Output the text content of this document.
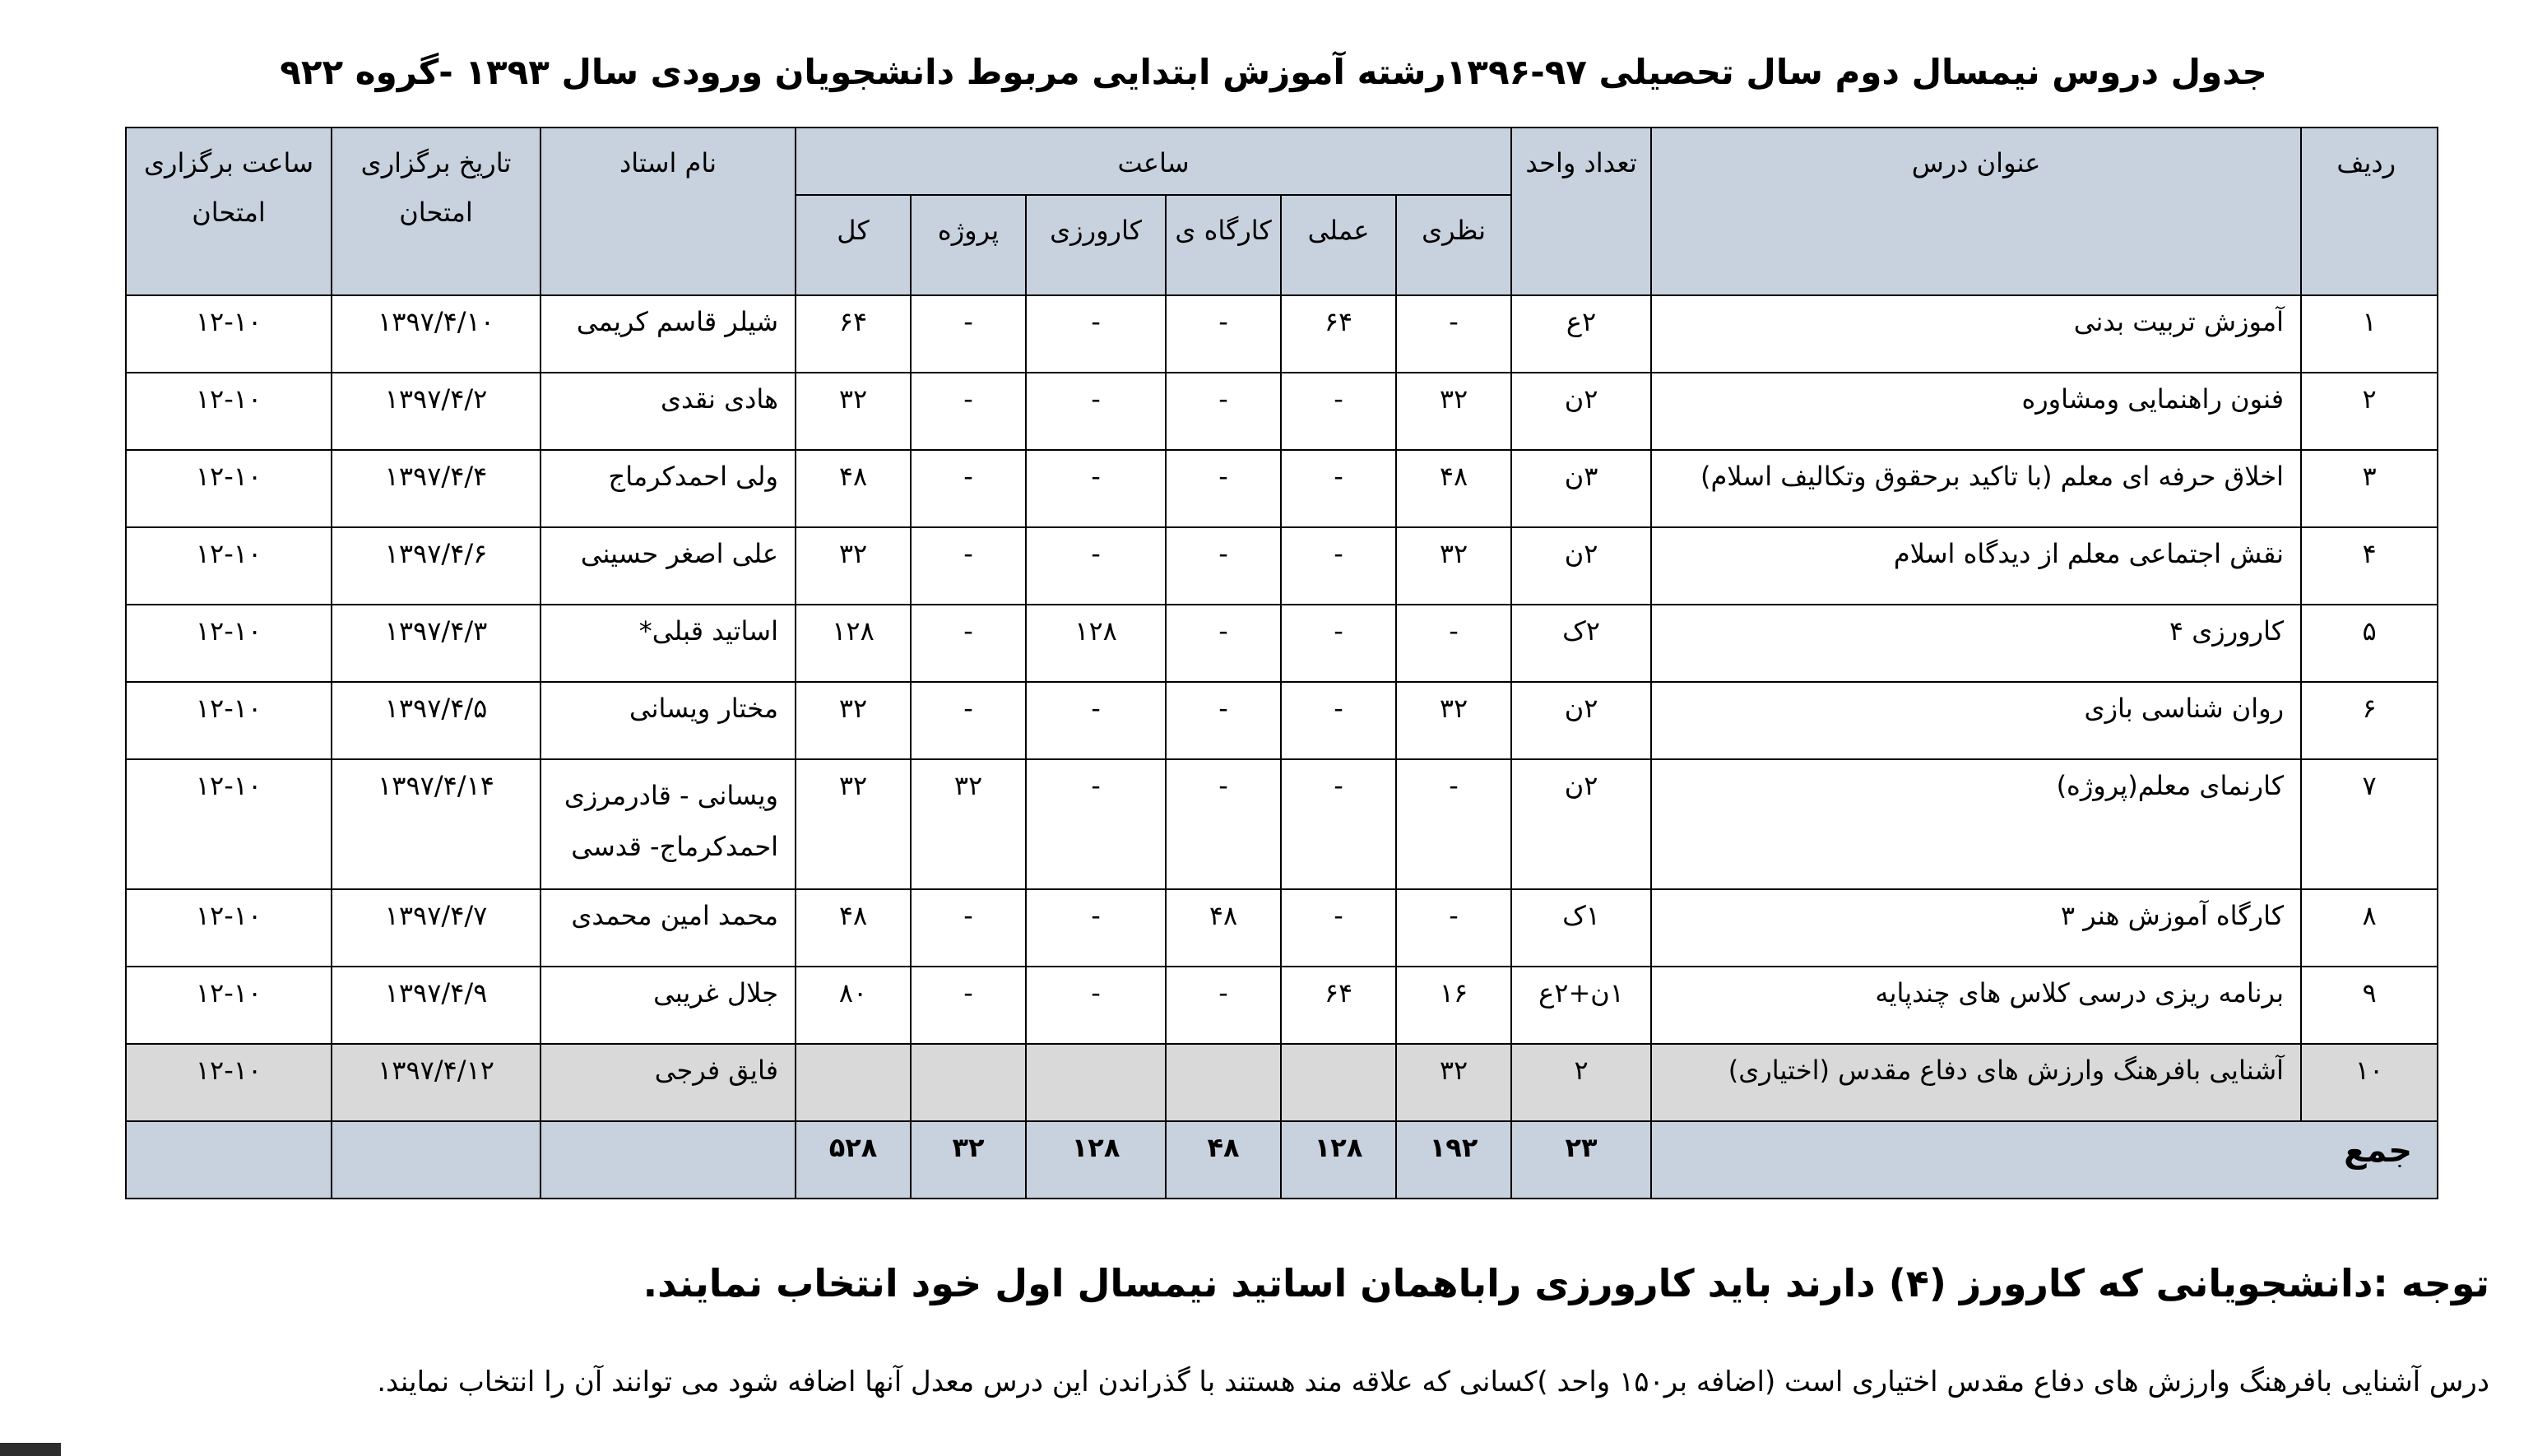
جدول دروس نیمسال دوم سال تحصیلی ۹۷-۱۳۹۶رشته آموزش ابتدایی مربوط دانشجویان ورودی سال ۱۳۹۳ -گروه ۹۲۲
ردیف	عنوان درس	تعداد واحد	ساعت						نام استاد	تاریخ برگزاری امتحان	ساعت برگزاری امتحان
			نظری	عملی	کارگاه ی	کارورزی	پروژه	کل			
۱	آموزش تربیت بدنی	۲ع	-	۶۴	-	-	-	۶۴	شیلر قاسم کریمی	۱۳۹۷/۴/۱۰	۱۲-۱۰
۲	فنون راهنمایی ومشاوره	۲ن	۳۲	-	-	-	-	۳۲	هادی نقدی	۱۳۹۷/۴/۲	۱۲-۱۰
۳	اخلاق حرفه ای معلم (با تاکید برحقوق وتکالیف اسلام)	۳ن	۴۸	-	-	-	-	۴۸	ولی احمدکرماج	۱۳۹۷/۴/۴	۱۲-۱۰
۴	نقش اجتماعی معلم از دیدگاه اسلام	۲ن	۳۲	-	-	-	-	۳۲	علی اصغر حسینی	۱۳۹۷/۴/۶	۱۲-۱۰
۵	کارورزی ۴	۲ک	-	-	-	۱۲۸	-	۱۲۸	اساتید قبلی*	۱۳۹۷/۴/۳	۱۲-۱۰
۶	روان شناسی بازی	۲ن	۳۲	-	-	-	-	۳۲	مختار ویسانی	۱۳۹۷/۴/۵	۱۲-۱۰
۷	کارنمای معلم(پروژه)	۲ن	-	-	-	-	۳۲	۳۲	ویسانی - قادرمرزی
احمدکرماج- قدسی	۱۳۹۷/۴/۱۴	۱۲-۱۰
۸	کارگاه آموزش هنر ۳	۱ک	-	-	۴۸	-	-	۴۸	محمد امین محمدی	۱۳۹۷/۴/۷	۱۲-۱۰
۹	برنامه ریزی درسی کلاس های چندپایه	۱ن+۲ع	۱۶	۶۴	-	-	-	۸۰	جلال غریبی	۱۳۹۷/۴/۹	۱۲-۱۰
۱۰	آشنایی بافرهنگ وارزش های دفاع مقدس (اختیاری)	۲	۳۲						فایق فرجی	۱۳۹۷/۴/۱۲	۱۲-۱۰
جمع		۲۳	۱۹۲	۱۲۸	۴۸	۱۲۸	۳۲	۵۲۸			
توجه :دانشجویانی که کارورز (۴) دارند باید کارورزی راباهمان اساتید نیمسال اول خود انتخاب نمایند.
درس آشنایی بافرهنگ وارزش های دفاع مقدس اختیاری است (اضافه بر۱۵۰ واحد )کسانی که علاقه مند هستند با گذراندن این درس معدل آنها اضافه شود می توانند آن را انتخاب نمایند.
